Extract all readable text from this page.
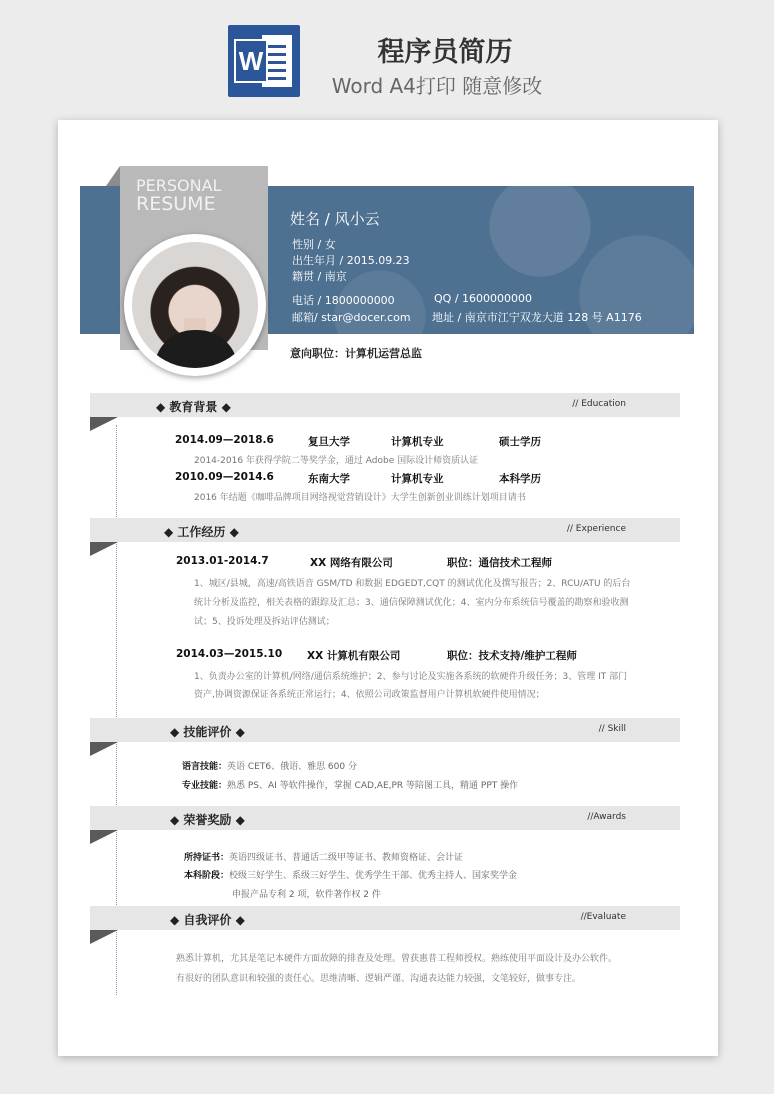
W	程序员简历
Word A4打印 随意修改
PERSONAL
RESUME
姓名 / 风小云
性别 / 女
出生年月 / 2015.09.23
籍贯 / 南京
电话 / 1800000000	QQ / 1600000000
邮箱/ star@docer.com 地址 / 南京市江宁双龙大道 128 号 A1176
意向职位：计算机运营总监
◆ 教育背景 ◆	// Education
2014.09—2018.6	复旦大学	计算机专业	硕士学历
2014-2016 年获得学院二等奖学金，通过 Adobe 国际设计师资质认证
2010.09—2014.6	东南大学	计算机专业	本科学历
2016 年结题《咖啡品牌项目网络视觉营销设计》大学生创新创业训练计划项目请书
◆ 工作经历 ◆	// Experience
2013.01-2014.7	XX 网络有限公司	职位：通信技术工程师
1、城区/县城，高速/高铁语音 GSM/TD 和数据 EDGEDT,CQT 的测试优化及撰写报告；2、RCU/ATU 的后台
统计分析及监控，相关表格的跟踪及汇总；3、通信保障测试优化；4、室内分布系统信号覆盖的勘察和验收测
试；5、投诉处理及拆站评估测试；
2014.03—2015.10 XX 计算机有限公司	职位：技术支持/维护工程师
1、负责办公室的计算机/网络/通信系统维护；2、参与讨论及实施各系统的软硬件升级任务；3、管理 IT 部门
资产,协调资源保证各系统正常运行；4、依照公司政策监督用户计算机软硬件使用情况；
◆ 技能评价 ◆	// Skill
语言技能：英语 CET6、俄语、雅思 600 分
专业技能：熟悉 PS、AI 等软件操作，掌握 CAD,AE,PR 等陪图工具，精通 PPT 操作
◆ 荣誉奖励 ◆	//Awards
所持证书：英语四级证书、普通话二级甲等证书、教师资格证、会计证
本科阶段：校级三好学生、系级三好学生、优秀学生干部、优秀主持人、国家奖学金
申报产品专利 2 项，软件著作权 2 件
◆ 自我评价 ◆	//Evaluate
熟悉计算机，尤其是笔记本硬件方面故障的排查及处理。曾获惠普工程师授权。熟练使用平面设计及办公软件。
有很好的团队意识和较强的责任心。思维清晰、逻辑严谨、沟通表达能力较强，文笔较好，做事专注。
